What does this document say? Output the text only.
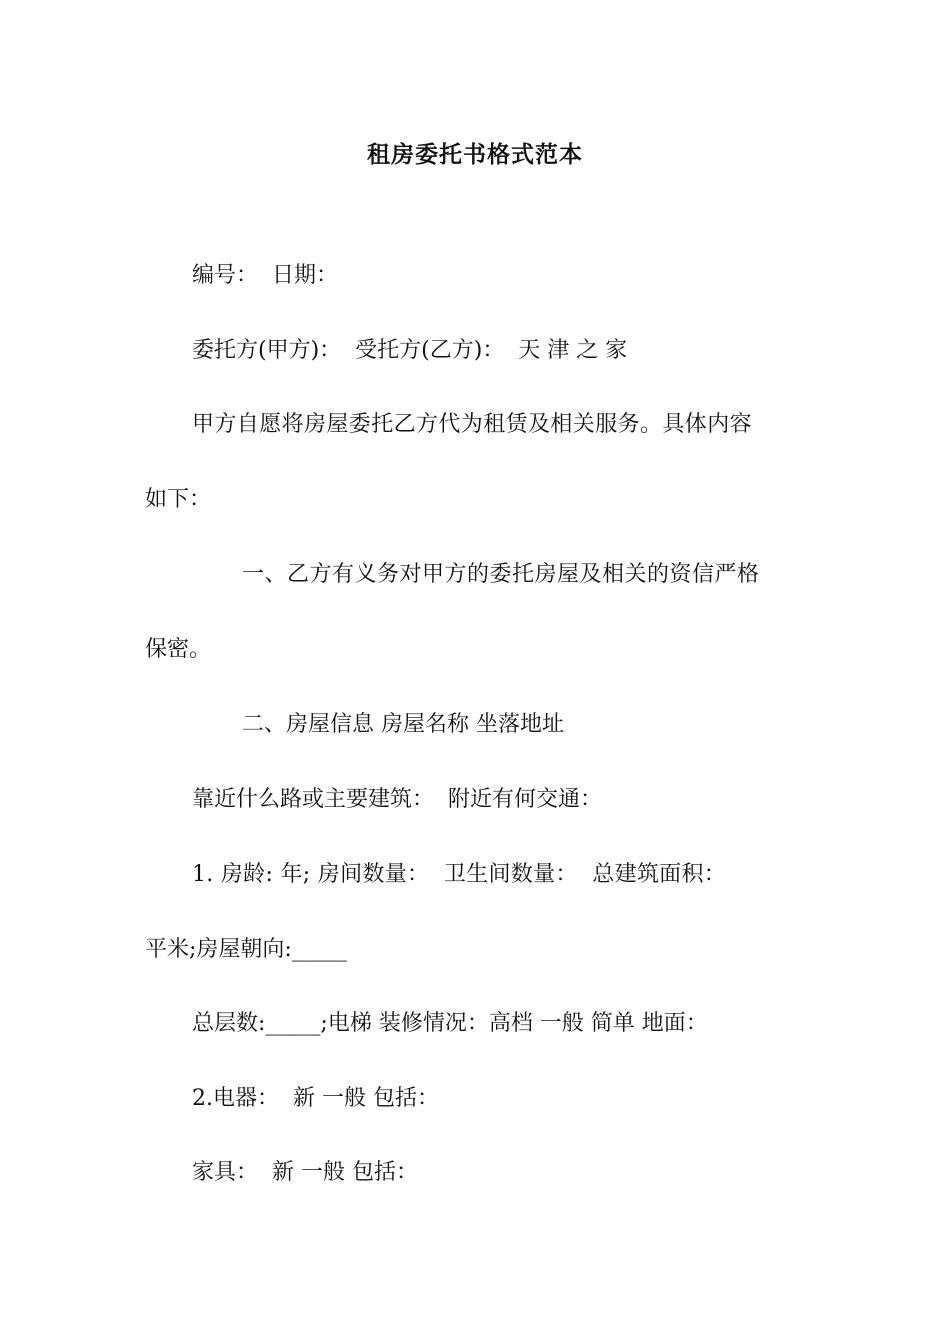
租房委托书格式范本
编号：  日期：
委托方(甲方)：  受托方(乙方)：  天 津 之 家
甲方自愿将房屋委托乙方代为租赁及相关服务。具体内容
如下：
一、乙方有义务对甲方的委托房屋及相关的资信严格
保密。
二、房屋信息 房屋名称 坐落地址
靠近什么路或主要建筑：  附近有何交通：
1. 房龄: 年; 房间数量：  卫生间数量：  总建筑面积：
平米;房屋朝向:_____
总层数:_____;电梯 装修情况：高档 一般 简单 地面：
2.电器：  新 一般 包括：
家具：  新 一般 包括：
